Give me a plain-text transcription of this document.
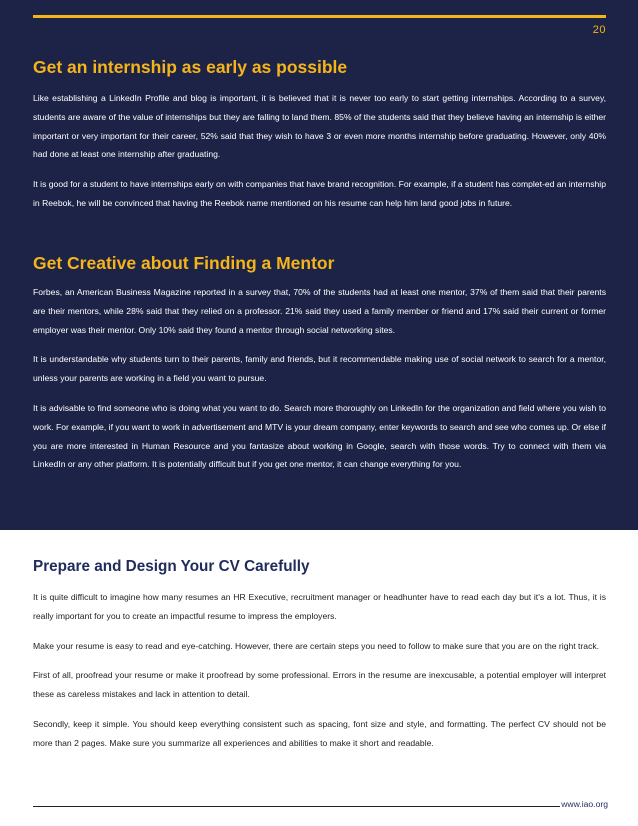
20
Get an internship as early as possible

Like establishing a LinkedIn Profile and blog is important, it is believed that it is never too early to start getting internships. According to a survey, students are aware of the value of internships but they are falling to land them. 85% of the students said that they believe having an internship is either important or very important for their career, 52% said that they wish to have 3 or even more months internship before graduating. However, only 40% had done at least one internship after graduating.

It is good for a student to have internships early on with companies that have brand recognition. For example, if a student has complet-ed an internship in Reebok, he will be convinced that having the Reebok name mentioned on his resume can help him land good jobs in future.

Get Creative about Finding a Mentor

Forbes, an American Business Magazine reported in a survey that, 70% of the students had at least one mentor, 37% of them said that their parents are their mentors, while 28% said that they relied on a professor. 21% said they used a family member or friend and 17% said their current or former employer was their mentor. Only 10% said they found a mentor through social networking sites.

It is understandable why students turn to their parents, family and friends, but it recommendable making use of social network to search for a mentor, unless your parents are working in a field you want to pursue.

It is advisable to find someone who is doing what you want to do. Search more thoroughly on LinkedIn for the organization and field where you wish to work. For example, if you want to work in advertisement and MTV is your dream company, enter keywords to search and see who comes up. Or else if you are more interested in Human Resource and you fantasize about working in Google, search with those words. Try to connect with them via LinkedIn or any other platform. It is potentially difficult but if you get one mentor, it can change everything for you.

Prepare and Design Your CV Carefully

It is quite difficult to imagine how many resumes an HR Executive, recruitment manager or headhunter have to read each day but it's a lot. Thus, it is really important for you to create an impactful resume to impress the employers.

Make your resume is easy to read and eye-catching. However, there are certain steps you need to follow to make sure that you are on the right track.

First of all, proofread your resume or make it proofread by some professional. Errors in the resume are inexcusable, a potential employer will interpret these as careless mistakes and lack in attention to detail.

Secondly, keep it simple. You should keep everything consistent such as spacing, font size and style, and formatting. The perfect CV should not be more than 2 pages. Make sure you summarize all experiences and abilities to make it short and readable.

www.iao.org
